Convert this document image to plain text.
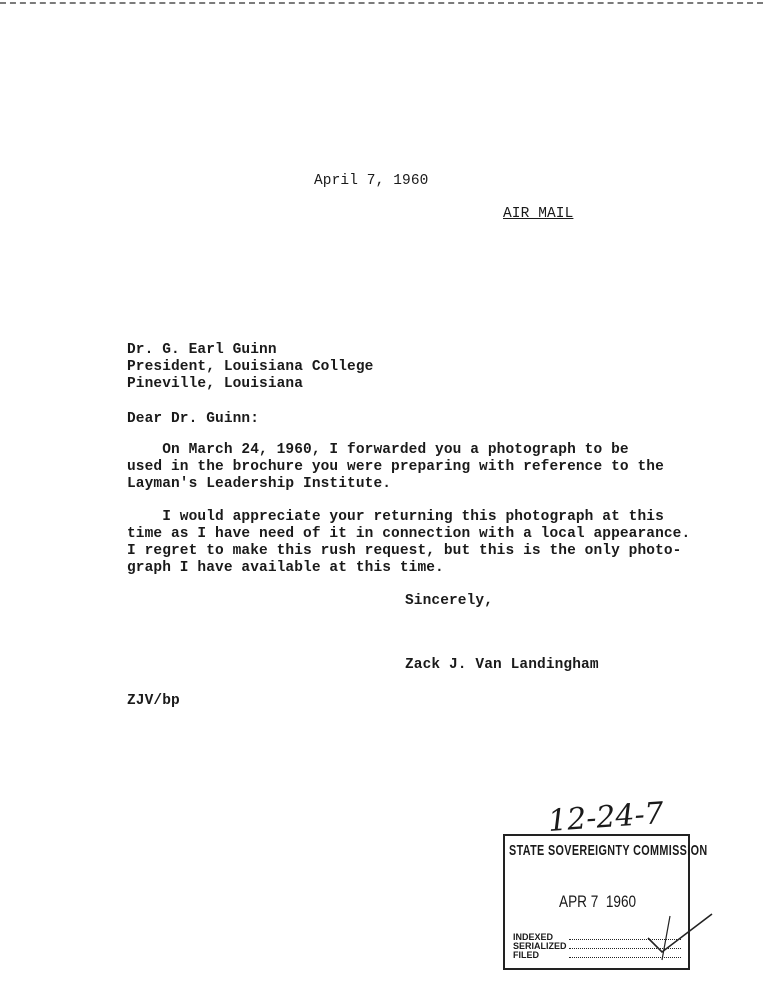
April 7, 1960
AIR MAIL
Dr. G. Earl Guinn
President, Louisiana College
Pineville, Louisiana
Dear Dr. Guinn:
On March 24, 1960, I forwarded you a photograph to be
used in the brochure you were preparing with reference to the
Layman's Leadership Institute.
I would appreciate your returning this photograph at this
time as I have need of it in connection with a local appearance.
I regret to make this rush request, but this is the only photo-
graph I have available at this time.
Sincerely,
Zack J. Van Landingham
ZJV/bp
12-24-7
STATE SOVEREIGNTY COMMISSION
APR 7  1960
INDEXED
SERIALIZED
FILED
